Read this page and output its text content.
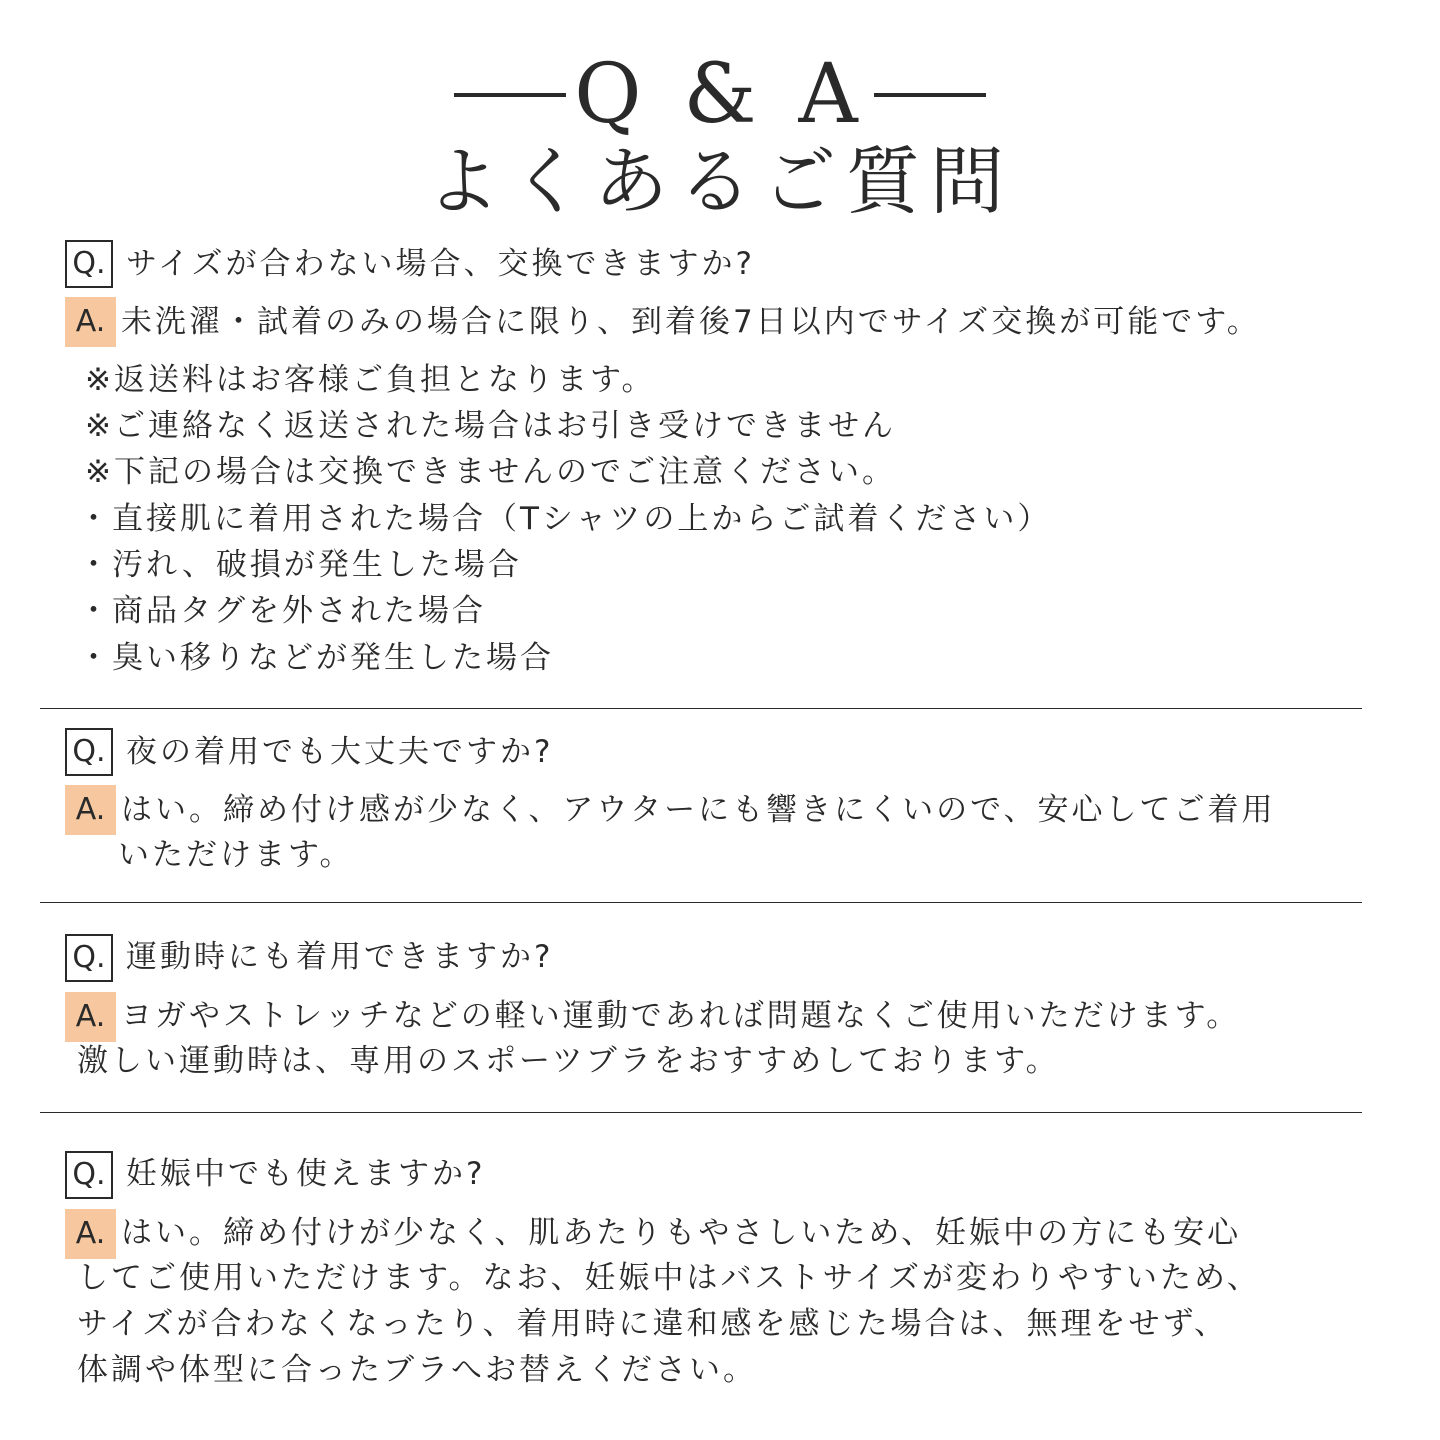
Q & A
よくあるご質問
Q. サイズが合わない場合、交換できますか?
A. 未洗濯・試着のみの場合に限り、到着後7日以内でサイズ交換が可能です。
※返送料はお客様ご負担となります。
※ご連絡なく返送された場合はお引き受けできません
※下記の場合は交換できませんのでご注意ください。
・直接肌に着用された場合（Tシャツの上からご試着ください）
・汚れ、破損が発生した場合
・商品タグを外された場合
・臭い移りなどが発生した場合
Q. 夜の着用でも大丈夫ですか?
A. はい。締め付け感が少なく、アウターにも響きにくいので、安心してご着用
いただけます。
Q. 運動時にも着用できますか?
A. ヨガやストレッチなどの軽い運動であれば問題なくご使用いただけます。
激しい運動時は、専用のスポーツブラをおすすめしております。
Q. 妊娠中でも使えますか?
A. はい。締め付けが少なく、肌あたりもやさしいため、妊娠中の方にも安心
してご使用いただけます。なお、妊娠中はバストサイズが変わりやすいため、
サイズが合わなくなったり、着用時に違和感を感じた場合は、無理をせず、
体調や体型に合ったブラへお替えください。
